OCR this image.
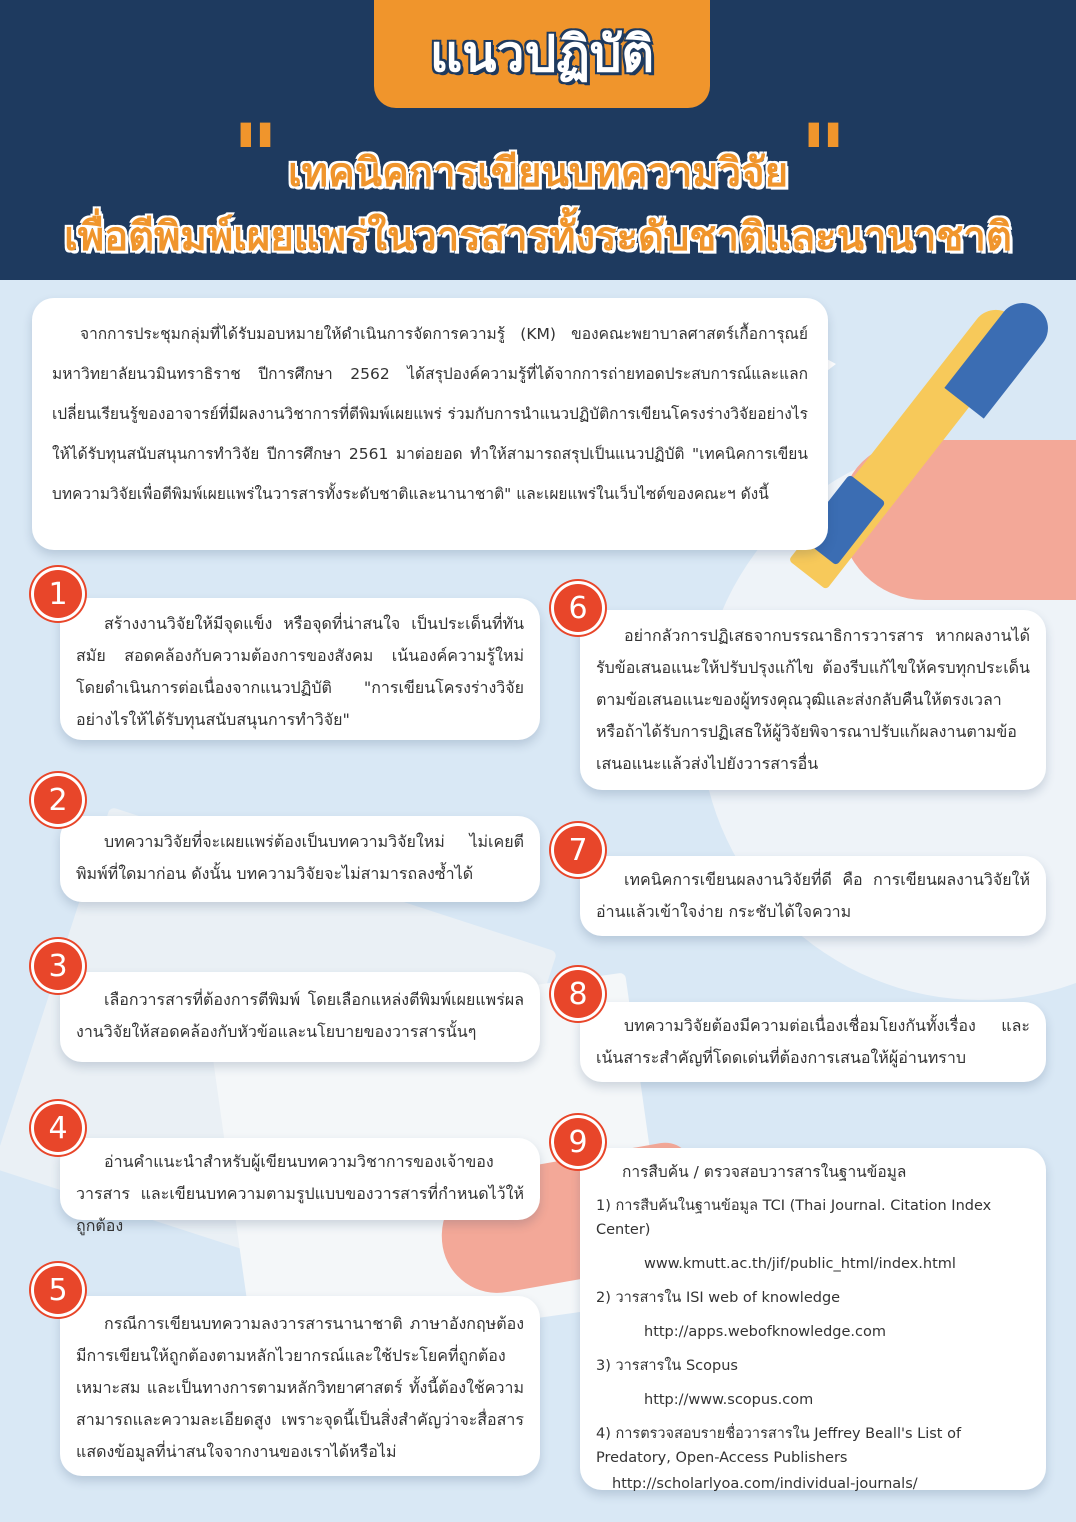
แนวปฏิบัติ
"	"
เทคนิคการเขียนบทความวิจัย
เพื่อตีพิมพ์เผยแพร่ในวารสารทั้งระดับชาติและนานาชาติ

จากการประชุมกลุ่มที่ได้รับมอบหมายให้ดำเนินการจัดการความรู้ (KM) ของคณะพยาบาลศาสตร์เกื้อการุณย์ มหาวิทยาลัยนวมินทราธิราช ปีการศึกษา 2562 ได้สรุปองค์ความรู้ที่ได้จากการถ่ายทอดประสบการณ์และแลกเปลี่ยนเรียนรู้ของอาจารย์ที่มีผลงานวิชาการที่ตีพิมพ์เผยแพร่ ร่วมกับการนำแนวปฏิบัติการเขียนโครงร่างวิจัยอย่างไรให้ได้รับทุนสนับสนุนการทำวิจัย ปีการศึกษา 2561 มาต่อยอด ทำให้สามารถสรุปเป็นแนวปฏิบัติ "เทคนิคการเขียนบทความวิจัยเพื่อตีพิมพ์เผยแพร่ในวารสารทั้งระดับชาติและนานาชาติ" และเผยแพร่ในเว็บไซต์ของคณะฯ ดังนี้

1

สร้างงานวิจัยให้มีจุดแข็ง หรือจุดที่น่าสนใจ เป็นประเด็นที่ทันสมัย สอดคล้องกับความต้องการของสังคม เน้นองค์ความรู้ใหม่ โดยดำเนินการต่อเนื่องจากแนวปฏิบัติ "การเขียนโครงร่างวิจัยอย่างไรให้ได้รับทุนสนับสนุนการทำวิจัย"

2

บทความวิจัยที่จะเผยแพร่ต้องเป็นบทความวิจัยใหม่ ไม่เคยตีพิมพ์ที่ใดมาก่อน ดังนั้น บทความวิจัยจะไม่สามารถลงซ้ำได้

3

เลือกวารสารที่ต้องการตีพิมพ์ โดยเลือกแหล่งตีพิมพ์เผยแพร่ผลงานวิจัยให้สอดคล้องกับหัวข้อและนโยบายของวารสารนั้นๆ

4

อ่านคำแนะนำสำหรับผู้เขียนบทความวิชาการของเจ้าของวารสาร และเขียนบทความตามรูปแบบของวารสารที่กำหนดไว้ให้ถูกต้อง

5

กรณีการเขียนบทความลงวารสารนานาชาติ ภาษาอังกฤษต้องมีการเขียนให้ถูกต้องตามหลักไวยากรณ์และใช้ประโยคที่ถูกต้องเหมาะสม และเป็นทางการตามหลักวิทยาศาสตร์ ทั้งนี้ต้องใช้ความสามารถและความละเอียดสูง เพราะจุดนี้เป็นสิ่งสำคัญว่าจะสื่อสารแสดงข้อมูลที่น่าสนใจจากงานของเราได้หรือไม่

6

อย่ากลัวการปฏิเสธจากบรรณาธิการวารสาร หากผลงานได้รับข้อเสนอแนะให้ปรับปรุงแก้ไข ต้องรีบแก้ไขให้ครบทุกประเด็นตามข้อเสนอแนะของผู้ทรงคุณวุฒิและส่งกลับคืนให้ตรงเวลา หรือถ้าได้รับการปฏิเสธให้ผู้วิจัยพิจารณาปรับแก้ผลงานตามข้อเสนอแนะแล้วส่งไปยังวารสารอื่น

7

เทคนิคการเขียนผลงานวิจัยที่ดี คือ การเขียนผลงานวิจัยให้อ่านแล้วเข้าใจง่าย กระชับได้ใจความ

8

บทความวิจัยต้องมีความต่อเนื่องเชื่อมโยงกันทั้งเรื่อง และเน้นสาระสำคัญที่โดดเด่นที่ต้องการเสนอให้ผู้อ่านทราบ

9

การสืบค้น / ตรวจสอบวารสารในฐานข้อมูล

1) การสืบค้นในฐานข้อมูล TCI (Thai Journal. Citation Index Center)

www.kmutt.ac.th/jif/public_html/index.html

2) วารสารใน ISI web of knowledge

http://apps.webofknowledge.com

3) วารสารใน Scopus

http://www.scopus.com

4) การตรวจสอบรายชื่อวารสารใน Jeffrey Beall's List of Predatory, Open-Access Publishers

http://scholarlyoa.com/individual-journals/
